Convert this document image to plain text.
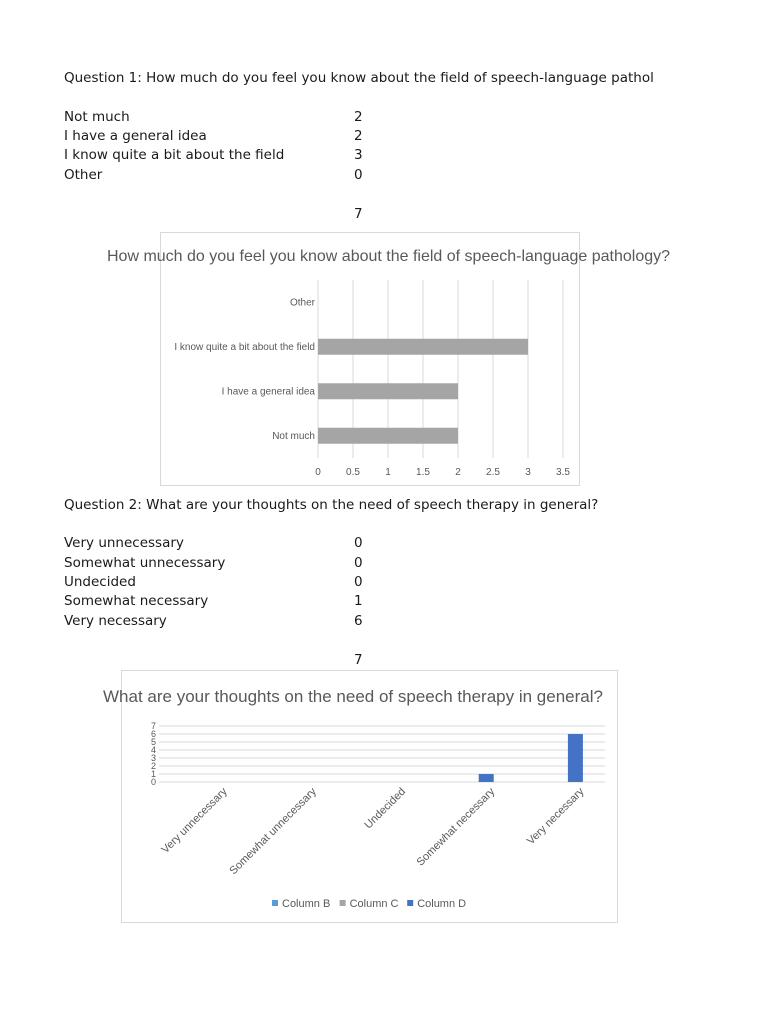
Question 1: How much do you feel you know about the field of speech-language pathol
Not much	2
I have a general idea	2
I know quite a bit about the field	3
Other	0
7
How much do you feel you know about the field of speech-language pathology?
0	0.5	1	1.5	2	2.5	3	3.5
Not much
I have a general idea
I know quite a bit about the field
Other
Question 2: What are your thoughts on the need of speech therapy in general?
Very unnecessary	0
Somewhat unnecessary	0
Undecided	0
Somewhat necessary	1
Very necessary	6
7
What are your thoughts on the need of speech therapy in general?
0
1
2
3
4
5
6
7
Very unnecessary
Somewhat unnecessary	Undecided Somewhat necessary	Very necessary
Column B Column C Column D
